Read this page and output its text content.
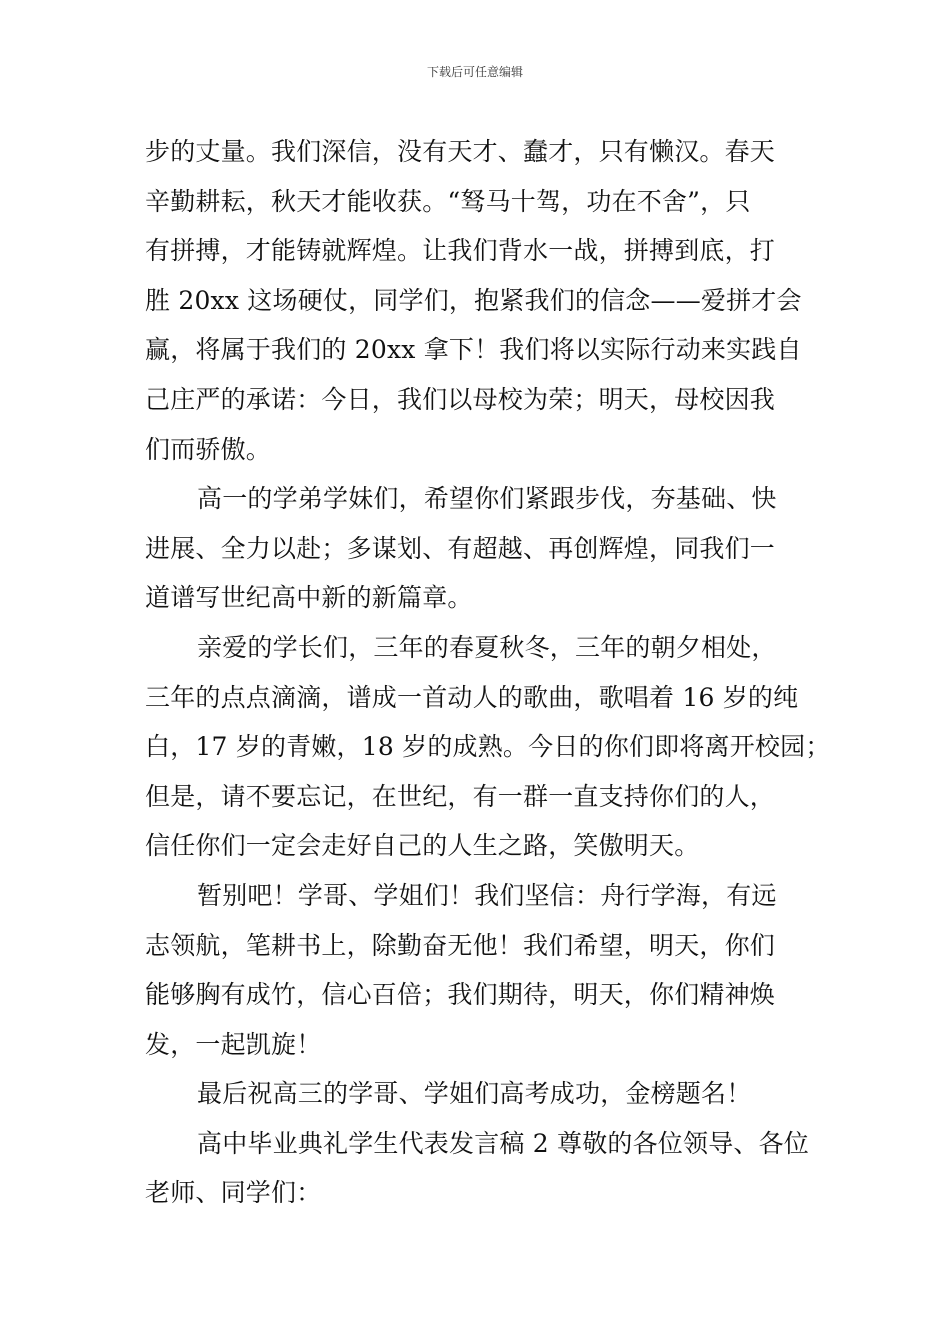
下载后可任意编辑
步的丈量。我们深信，没有天才、蠢才，只有懒汉。春天
辛勤耕耘，秋天才能收获。“驽马十驾，功在不舍”，只
有拼搏，才能铸就辉煌。让我们背水一战，拼搏到底，打
胜 20xx 这场硬仗，同学们，抱紧我们的信念——爱拼才会
赢，将属于我们的 20xx 拿下！我们将以实际行动来实践自
己庄严的承诺：今日，我们以母校为荣；明天，母校因我
们而骄傲。
高一的学弟学妹们，希望你们紧跟步伐，夯基础、快
进展、全力以赴；多谋划、有超越、再创辉煌，同我们一
道谱写世纪高中新的新篇章。
亲爱的学长们，三年的春夏秋冬，三年的朝夕相处，
三年的点点滴滴，谱成一首动人的歌曲，歌唱着 16 岁的纯
白，17 岁的青嫩，18 岁的成熟。今日的你们即将离开校园；
但是，请不要忘记，在世纪，有一群一直支持你们的人，
信任你们一定会走好自己的人生之路，笑傲明天。
暂别吧！学哥、学姐们！我们坚信：舟行学海，有远
志领航，笔耕书上，除勤奋无他！我们希望，明天，你们
能够胸有成竹，信心百倍；我们期待，明天，你们精神焕
发，一起凯旋！
最后祝高三的学哥、学姐们高考成功，金榜题名！
高中毕业典礼学生代表发言稿 2 尊敬的各位领导、各位
老师、同学们：
